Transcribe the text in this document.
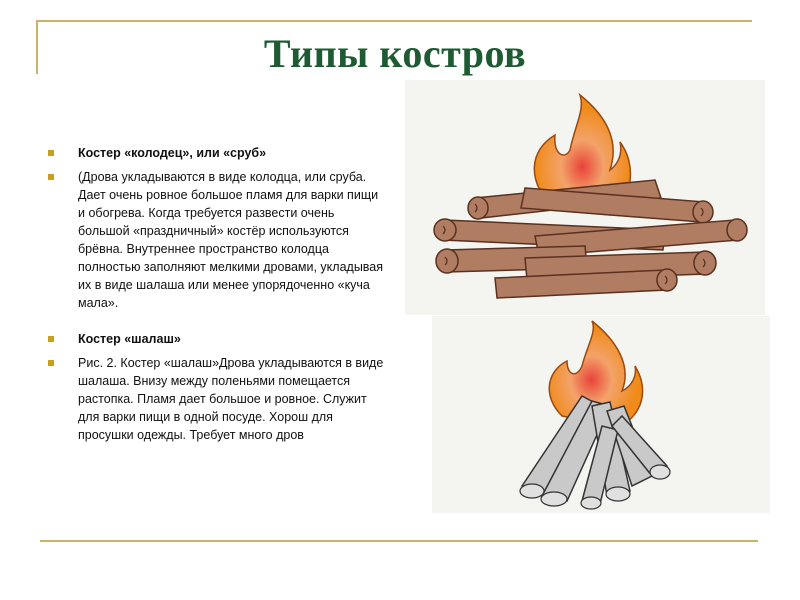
Типы костров
Костер «колодец», или «сруб»
(Дрова укладываются в виде колодца, или сруба. Дает очень ровное большое пламя для варки пищи и обогрева. Когда требуется развести очень большой «праздничный» костёр используются брёвна. Внутреннее пространство колодца полностью заполняют мелкими дровами, укладывая их в виде шалаша или менее упорядоченно «куча мала».
Костер «шалаш»
Рис. 2. Костер «шалаш»Дрова укладываются в виде шалаша. Внизу между поленьями помещается растопка. Пламя дает большое и ровное. Служит для варки пищи в одной посуде. Хорош для просушки одежды. Требует много дров
